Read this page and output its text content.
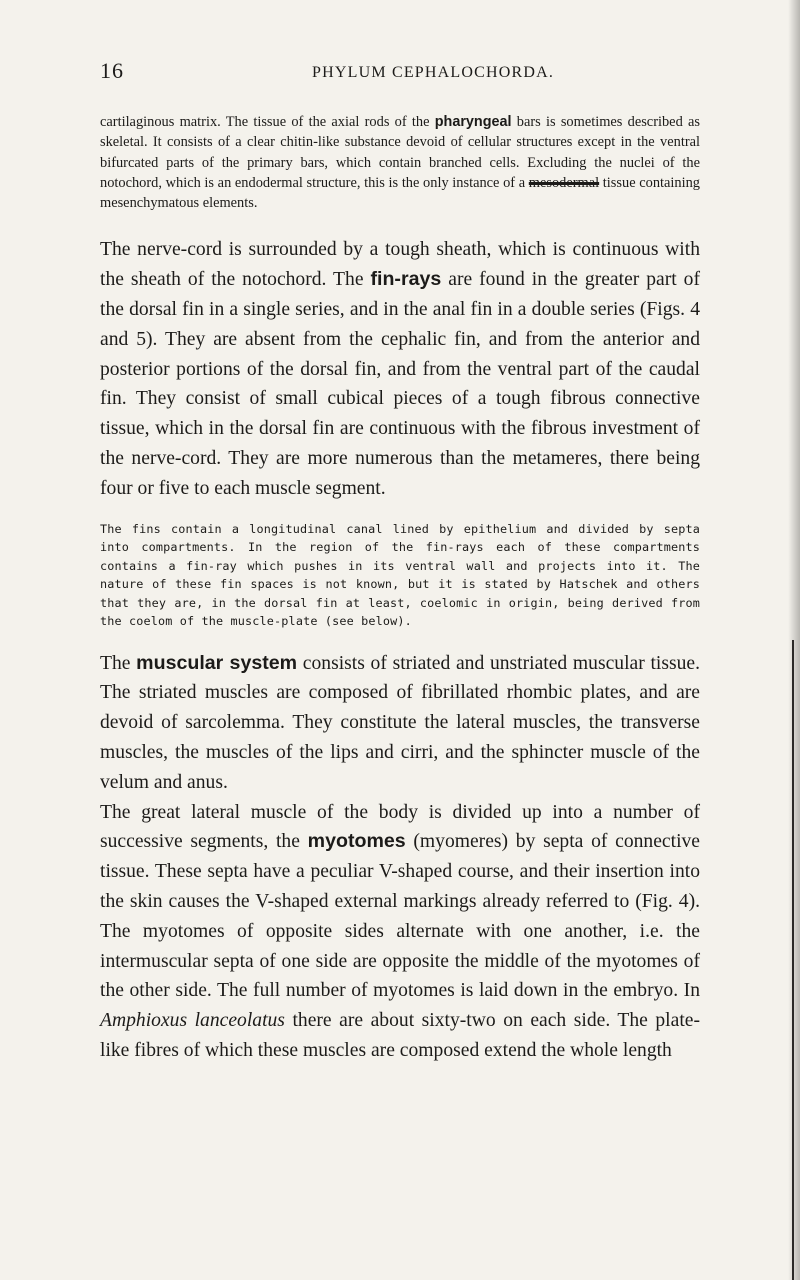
16	PHYLUM CEPHALOCHORDA.

cartilaginous matrix. The tissue of the axial rods of the pharyngeal bars is sometimes described as skeletal. It consists of a clear chitin-like substance devoid of cellular structures except in the ventral bifurcated parts of the primary bars, which contain branched cells. Excluding the nuclei of the notochord, which is an endodermal structure, this is the only instance of a mesodermal tissue containing mesenchymatous elements.

The nerve-cord is surrounded by a tough sheath, which is continuous with the sheath of the notochord. The fin-rays are found in the greater part of the dorsal fin in a single series, and in the anal fin in a double series (Figs. 4 and 5). They are absent from the cephalic fin, and from the anterior and posterior portions of the dorsal fin, and from the ventral part of the caudal fin. They consist of small cubical pieces of a tough fibrous connective tissue, which in the dorsal fin are continuous with the fibrous investment of the nerve-cord. They are more numerous than the metameres, there being four or five to each muscle segment.

The fins contain a longitudinal canal lined by epithelium and divided by septa into compartments. In the region of the fin-rays each of these compartments contains a fin-ray which pushes in its ventral wall and projects into it. The nature of these fin spaces is not known, but it is stated by Hatschek and others that they are, in the dorsal fin at least, coelomic in origin, being derived from the coelom of the muscle-plate (see below).

The muscular system consists of striated and unstriated muscular tissue. The striated muscles are composed of fibrillated rhombic plates, and are devoid of sarcolemma. They constitute the lateral muscles, the transverse muscles, the muscles of the lips and cirri, and the sphincter muscle of the velum and anus.

The great lateral muscle of the body is divided up into a number of successive segments, the myotomes (myomeres) by septa of connective tissue. These septa have a peculiar V-shaped course, and their insertion into the skin causes the V-shaped external markings already referred to (Fig. 4). The myotomes of opposite sides alternate with one another, i.e. the intermuscular septa of one side are opposite the middle of the myotomes of the other side. The full number of myotomes is laid down in the embryo. In Amphioxus lanceolatus there are about sixty-two on each side. The plate-like fibres of which these muscles are composed extend the whole length
